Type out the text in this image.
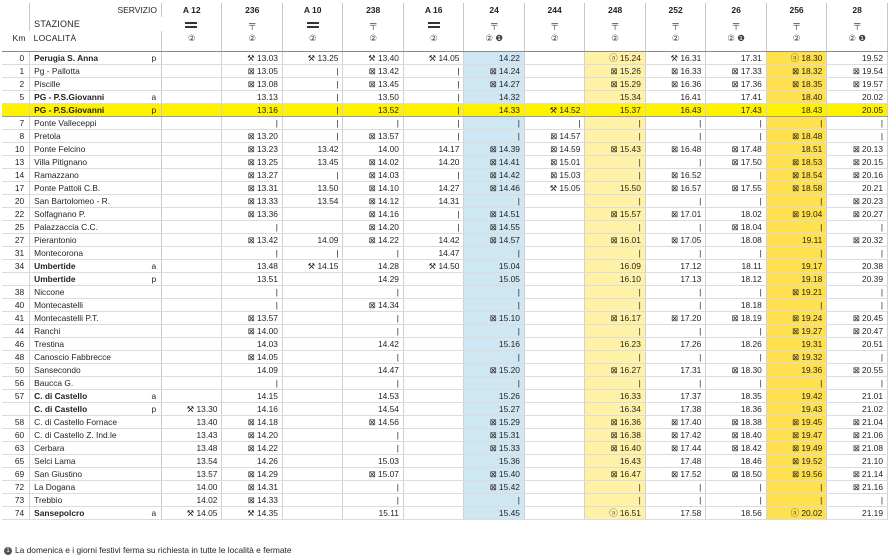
	SERVIZIO		A 12	236	A 10	238	A 16	24	244	248	252	26	256	28
	STAZIONE			╤		╤		╤	╤	╤	╤	╤	╤	╤
Km	LOCALITÀ		②	②	②	②	②	② ❶	②	②	②	② ❶	②	② ❶
0	Perugia S. Anna	p		⚒ 13.03	⚒ 13.25	⚒ 13.40	⚒ 14.05	14.22		ⓐ 15.24	⚒ 16.31	17.31	ⓐ 18.30	19.52
1	Pg - Pallotta			⊠ 13.05	|	⊠ 13.42	|	⊠ 14.24		⊠ 15.26	⊠ 16.33	⊠ 17.33	⊠ 18.32	⊠ 19.54
2	Piscille			⊠ 13.08	|	⊠ 13.45	|	⊠ 14.27		⊠ 15.29	⊠ 16.36	⊠ 17.36	⊠ 18.35	⊠ 19.57
5	PG - P.S.Giovanni	a		13.13	|	13.50	|	14.32		15.34	16.41	17.41	18.40	20.02
	PG - P.S.Giovanni	p		13.16	|	13.52	|	14.33	⚒ 14.52	15.37	16.43	17.43	18.43	20.05
7	Ponte Valleceppi			|	|	|	|	|	|	|	|	|	|	|
8	Pretola			⊠ 13.20	|	⊠ 13.57	|	|	⊠ 14.57	|	|	|	⊠ 18.48	|
10	Ponte Felcino			⊠ 13.23	13.42	14.00	14.17	⊠ 14.39	⊠ 14.59	⊠ 15.43	⊠ 16.48	⊠ 17.48	18.51	⊠ 20.13
13	Villa Pitignano			⊠ 13.25	13.45	⊠ 14.02	14.20	⊠ 14.41	⊠ 15.01	|	|	⊠ 17.50	⊠ 18.53	⊠ 20.15
14	Ramazzano			⊠ 13.27	|	⊠ 14.03	|	⊠ 14.42	⊠ 15.03	|	⊠ 16.52	|	⊠ 18.54	⊠ 20.16
17	Ponte Pattoli C.B.			⊠ 13.31	13.50	⊠ 14.10	14.27	⊠ 14.46	⚒ 15.05	15.50	⊠ 16.57	⊠ 17.55	⊠ 18.58	20.21
20	San Bartolomeo - R.			⊠ 13.33	13.54	⊠ 14.12	14.31	|		|	|	|	|	⊠ 20.23
22	Solfagnano P.			⊠ 13.36		⊠ 14.16	|	⊠ 14.51		⊠ 15.57	⊠ 17.01	18.02	⊠ 19.04	⊠ 20.27
25	Palazzaccia C.C.			|		⊠ 14.20	|	⊠ 14.55		|	|	⊠ 18.04	|	|
27	Pierantonio			⊠ 13.42	14.09	⊠ 14.22	14.42	⊠ 14.57		⊠ 16.01	⊠ 17.05	18.08	19.11	⊠ 20.32
31	Montecorona			|	|	|	14.47	|		|	|	|	|	|
34	Umbertide	a		13.48	⚒ 14.15	14.28	⚒ 14.50	15.04		16.09	17.12	18.11	19.17	20.38
	Umbertide	p		13.51		14.29		15.05		16.10	17.13	18.12	19.18	20.39
38	Niccone			|		|		|		|	|	|	⊠ 19.21	|
40	Montecastelli			|		⊠ 14.34		|		|	|	18.18	|	|
41	Montecastelli P.T.			⊠ 13.57		|		⊠ 15.10		⊠ 16.17	⊠ 17.20	⊠ 18.19	⊠ 19.24	⊠ 20.45
44	Ranchi			⊠ 14.00		|		|		|	|	|	⊠ 19.27	⊠ 20.47
46	Trestina			14.03		14.42		15.16		16.23	17.26	18.26	19.31	20.51
48	Canoscio Fabbrecce			⊠ 14.05		|		|		|	|	|	⊠ 19.32	|
50	Sansecondo			14.09		14.47		⊠ 15.20		⊠ 16.27	17.31	⊠ 18.30	19.36	⊠ 20.55
56	Baucca G.			|		|		|		|	|	|	|	|
57	C. di Castello	a		14.15		14.53		15.26		16.33	17.37	18.35	19.42	21.01
	C. di Castello	p	⚒ 13.30	14.16		14.54		15.27		16.34	17.38	18.36	19.43	21.02
58	C. di Castello Fornace		13.40	⊠ 14.18		⊠ 14.56		⊠ 15.29		⊠ 16.36	⊠ 17.40	⊠ 18.38	⊠ 19.45	⊠ 21.04
60	C. di Castello Z. Ind.le		13.43	⊠ 14.20		|		⊠ 15.31		⊠ 16.38	⊠ 17.42	⊠ 18.40	⊠ 19.47	⊠ 21.06
63	Cerbara		13.48	⊠ 14.22		|		⊠ 15.33		⊠ 16.40	⊠ 17.44	⊠ 18.42	⊠ 19.49	⊠ 21.08
65	Selci Lama		13.54	14.26		15.03		15.36		16.43	17.48	18.46	⊠ 19.52	21.10
69	San Giustino		13.57	⊠ 14.29		⊠ 15.07		⊠ 15.40		⊠ 16.47	⊠ 17.52	⊠ 18.50	⊠ 19.56	⊠ 21.14
72	La Dogana		14.00	⊠ 14.31		|		⊠ 15.42		|	|	|	|	⊠ 21.16
73	Trebbio		14.02	⊠ 14.33		|		|		|	|	|	|	|
74	Sansepolcro	a	⚒ 14.05	⚒ 14.35		15.11		15.45		ⓐ 16.51	17.58	18.56	ⓐ 20.02	21.19
1 La domenica e i giorni festivi ferma su richiesta in tutte le località e fermate
